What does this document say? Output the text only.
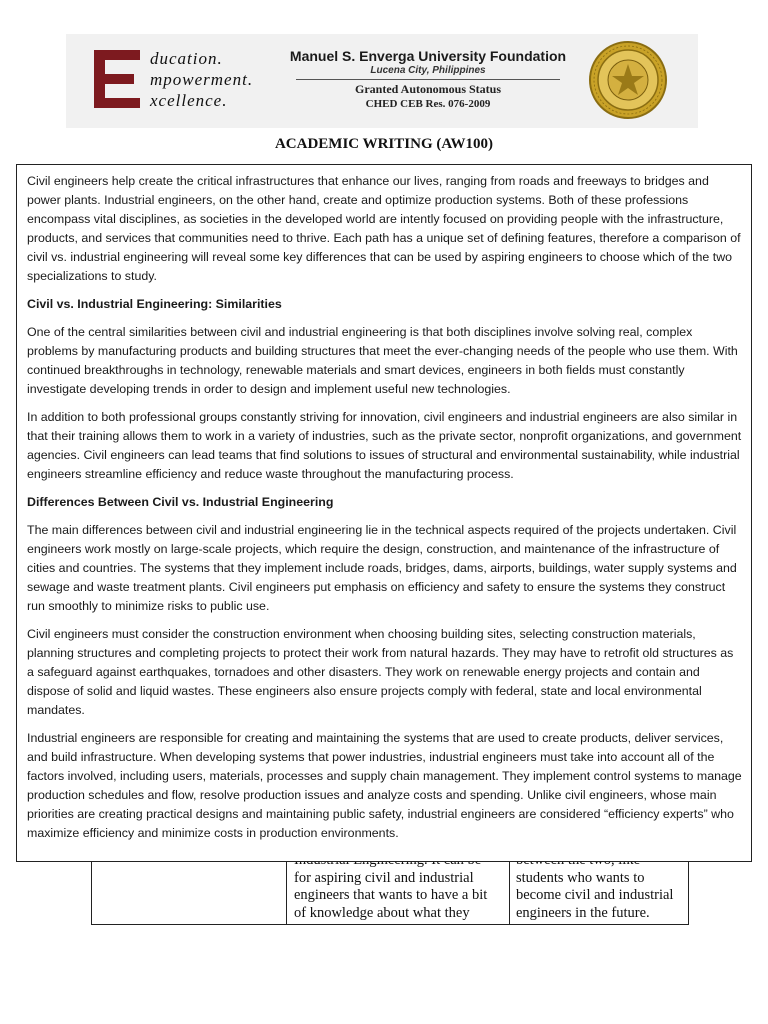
ducation.
mpowerment.
xcellence.
Manuel S. Enverga University Foundation
Lucena City, Philippines
Granted Autonomous Status
CHED CEB Res. 076-2009
ACADEMIC WRITING (AW100)
for aspiring civil and industrial
engineers that wants to have a bit
of knowledge about what they
students who wants to
become civil and industrial
engineers in the future.

Civil engineers help create the critical infrastructures that enhance our lives, ranging from roads and freeways to bridges and power plants. Industrial engineers, on the other hand, create and optimize production systems. Both of these professions encompass vital disciplines, as societies in the developed world are intently focused on providing people with the infrastructure, products, and services that communities need to thrive. Each path has a unique set of defining features, therefore a comparison of civil vs. industrial engineering will reveal some key differences that can be used by aspiring engineers to choose which of the two specializations to study.

Civil vs. Industrial Engineering: Similarities

One of the central similarities between civil and industrial engineering is that both disciplines involve solving real, complex problems by manufacturing products and building structures that meet the ever-changing needs of the people who use them. With continued breakthroughs in technology, renewable materials and smart devices, engineers in both fields must constantly investigate developing trends in order to design and implement useful new technologies.

In addition to both professional groups constantly striving for innovation, civil engineers and industrial engineers are also similar in that their training allows them to work in a variety of industries, such as the private sector, nonprofit organizations, and government agencies. Civil engineers can lead teams that find solutions to issues of structural and environmental sustainability, while industrial engineers streamline efficiency and reduce waste throughout the manufacturing process.

Differences Between Civil vs. Industrial Engineering

The main differences between civil and industrial engineering lie in the technical aspects required of the projects undertaken. Civil engineers work mostly on large-scale projects, which require the design, construction, and maintenance of the infrastructure of cities and countries. The systems that they implement include roads, bridges, dams, airports, buildings, water supply systems and sewage and waste treatment plants. Civil engineers put emphasis on efficiency and safety to ensure the systems they construct run smoothly to minimize risks to public use.

Civil engineers must consider the construction environment when choosing building sites, selecting construction materials, planning structures and completing projects to protect their work from natural hazards. They may have to retrofit old structures as a safeguard against earthquakes, tornadoes and other disasters. They work on renewable energy projects and contain and dispose of solid and liquid wastes. These engineers also ensure projects comply with federal, state and local environmental mandates.

Industrial engineers are responsible for creating and maintaining the systems that are used to create products, deliver services, and build infrastructure. When developing systems that power industries, industrial engineers must take into account all of the factors involved, including users, materials, processes and supply chain management. They implement control systems to manage production schedules and flow, resolve production issues and analyze costs and spending. Unlike civil engineers, whose main priorities are creating practical designs and maintaining public safety, industrial engineers are considered “efficiency experts” who maximize efficiency and minimize costs in production environments.
